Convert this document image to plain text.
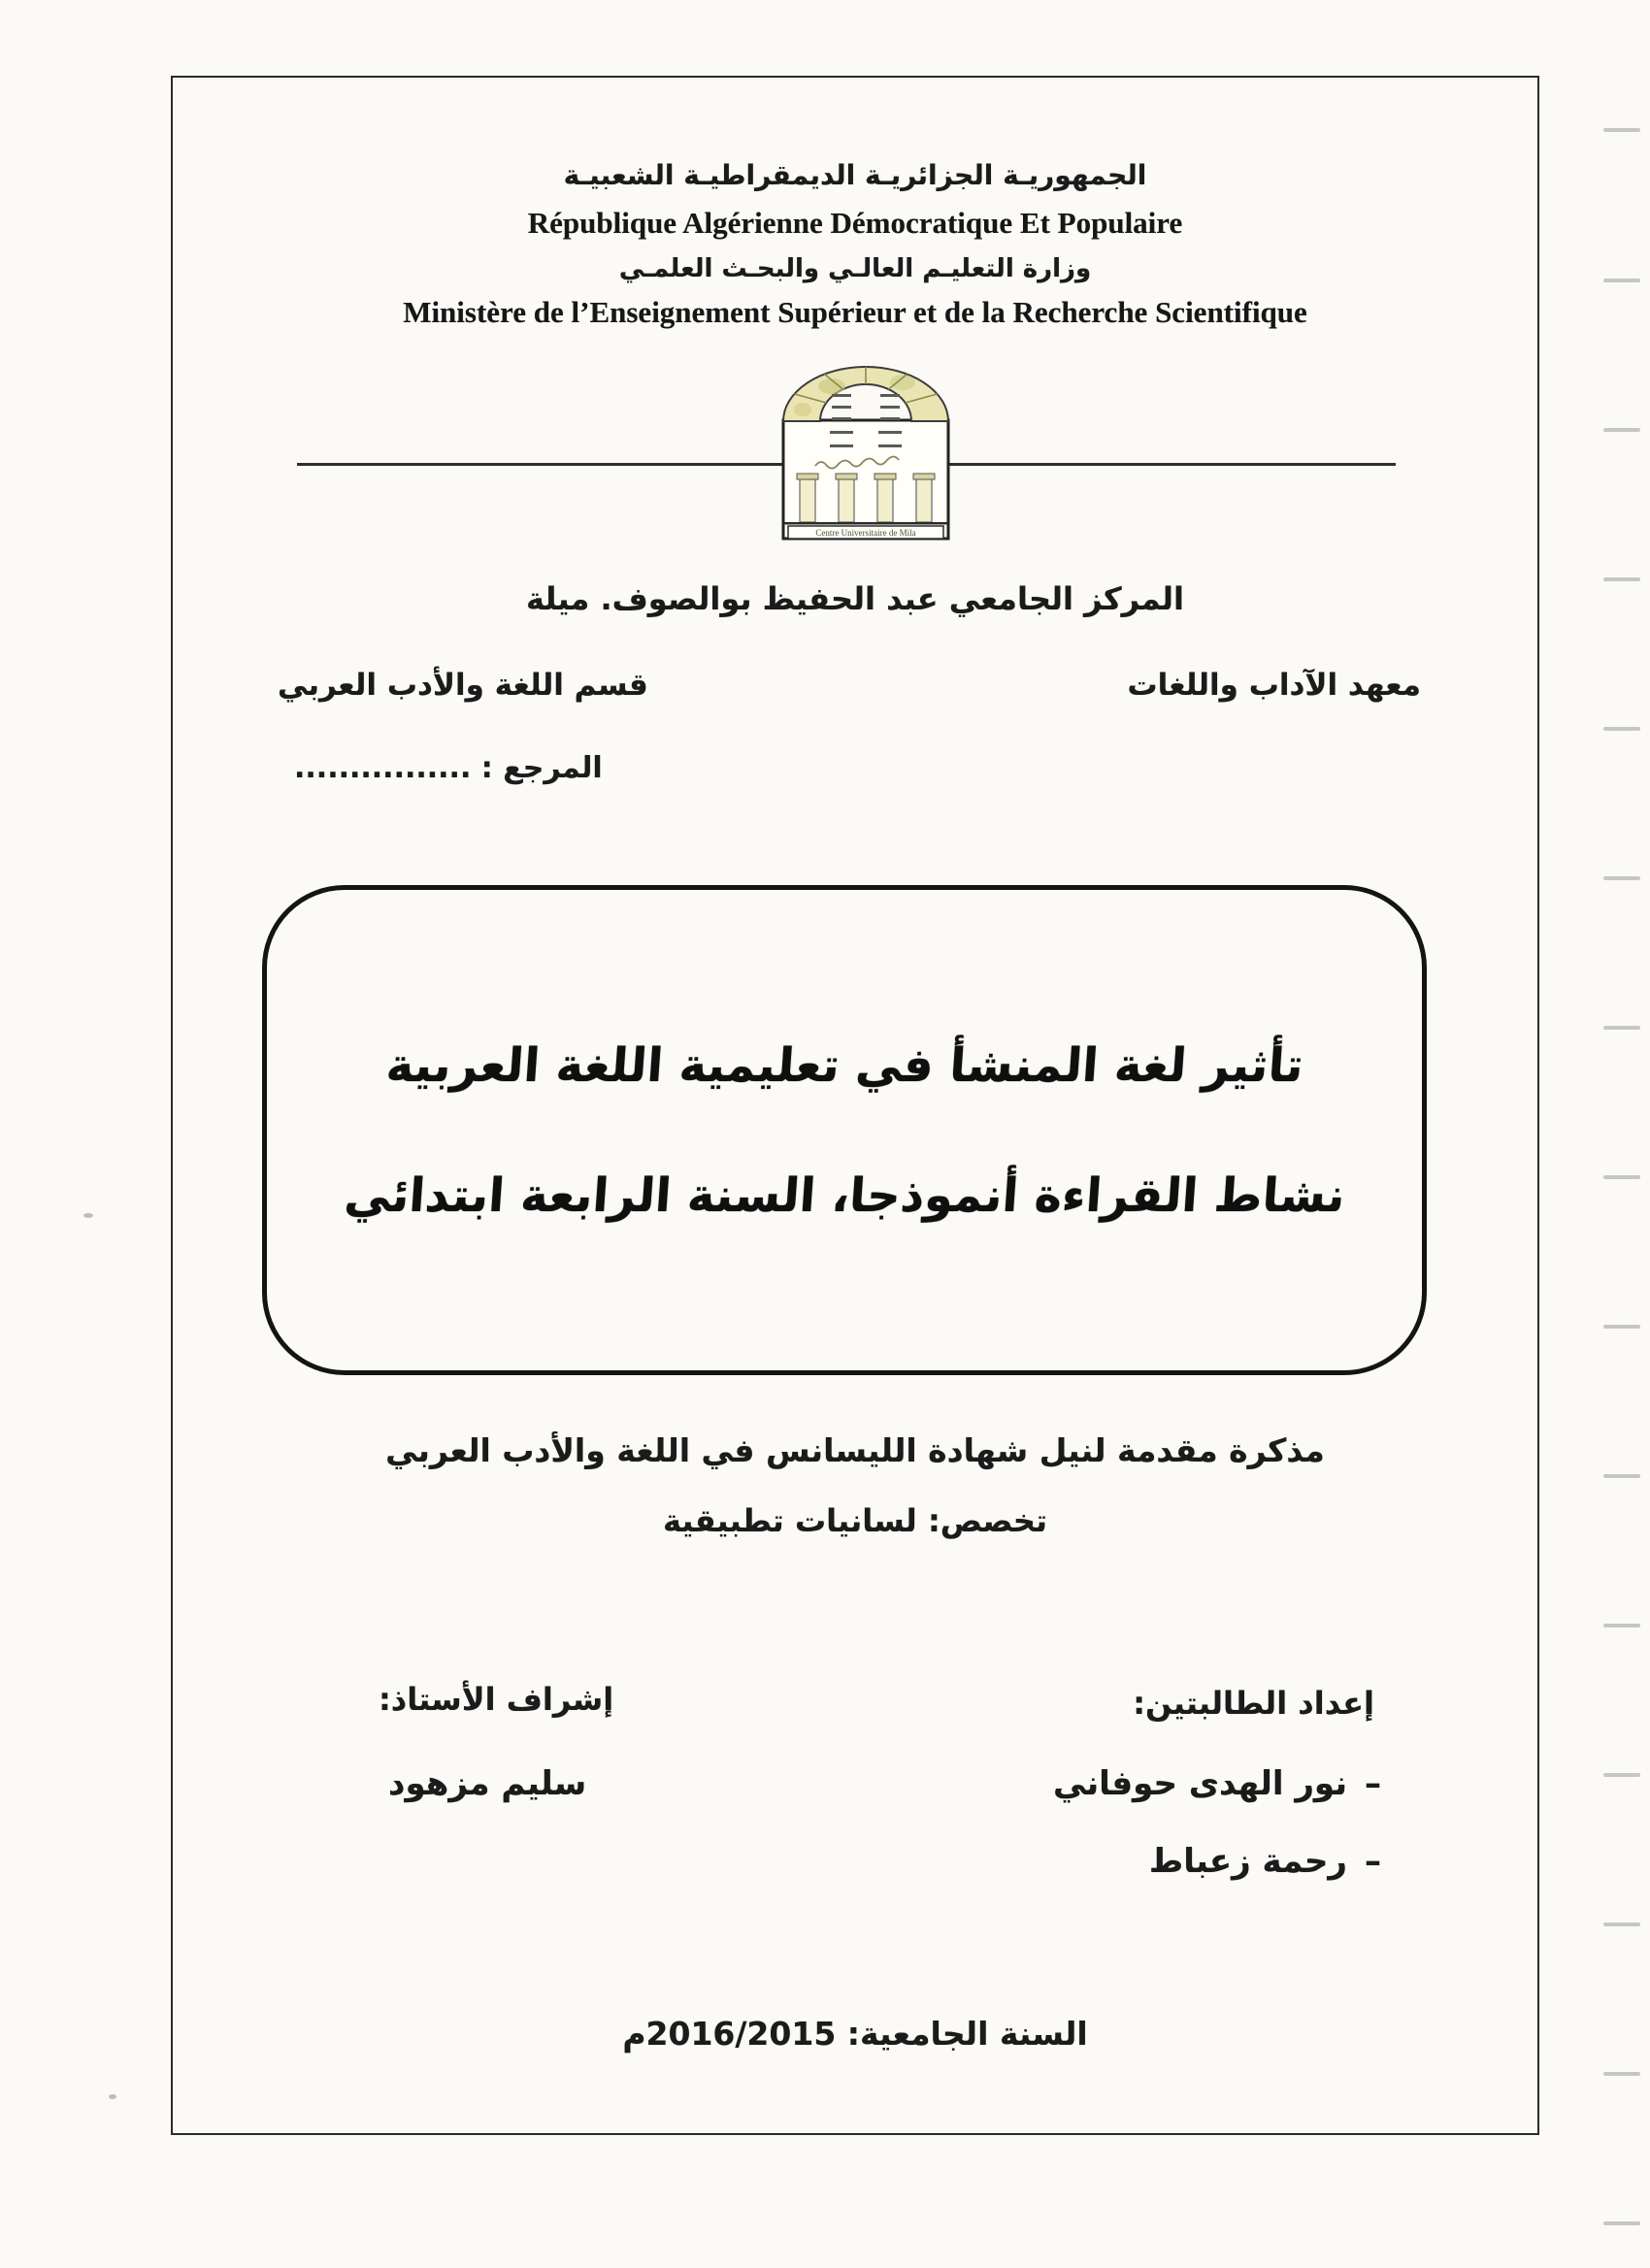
الجمهوريـة الجزائريـة الديمقراطيـة الشعبيـة
République Algérienne Démocratique Et Populaire
وزارة التعليـم العالـي والبحـث العلمـي
Ministère de l’Enseignement Supérieur et de la Recherche Scientifique
Centre Universitaire de Mila
المركز الجامعي عبد الحفيظ بوالصوف. ميلة
معهد الآداب واللغات
قسم اللغة والأدب العربي
المرجع : ................
تأثير لغة المنشأ في تعليمية اللغة العربية
نشاط القراءة أنموذجا، السنة الرابعة ابتدائي
مذكرة مقدمة لنيل شهادة الليسانس في اللغة والأدب العربي
تخصص: لسانيات تطبيقية
إعداد الطالبتين:
إشراف الأستاذ:
–
نور الهدى حوفاني
–
رحمة زعباط
سليم مزهود
السنة الجامعية: 2016/2015م
